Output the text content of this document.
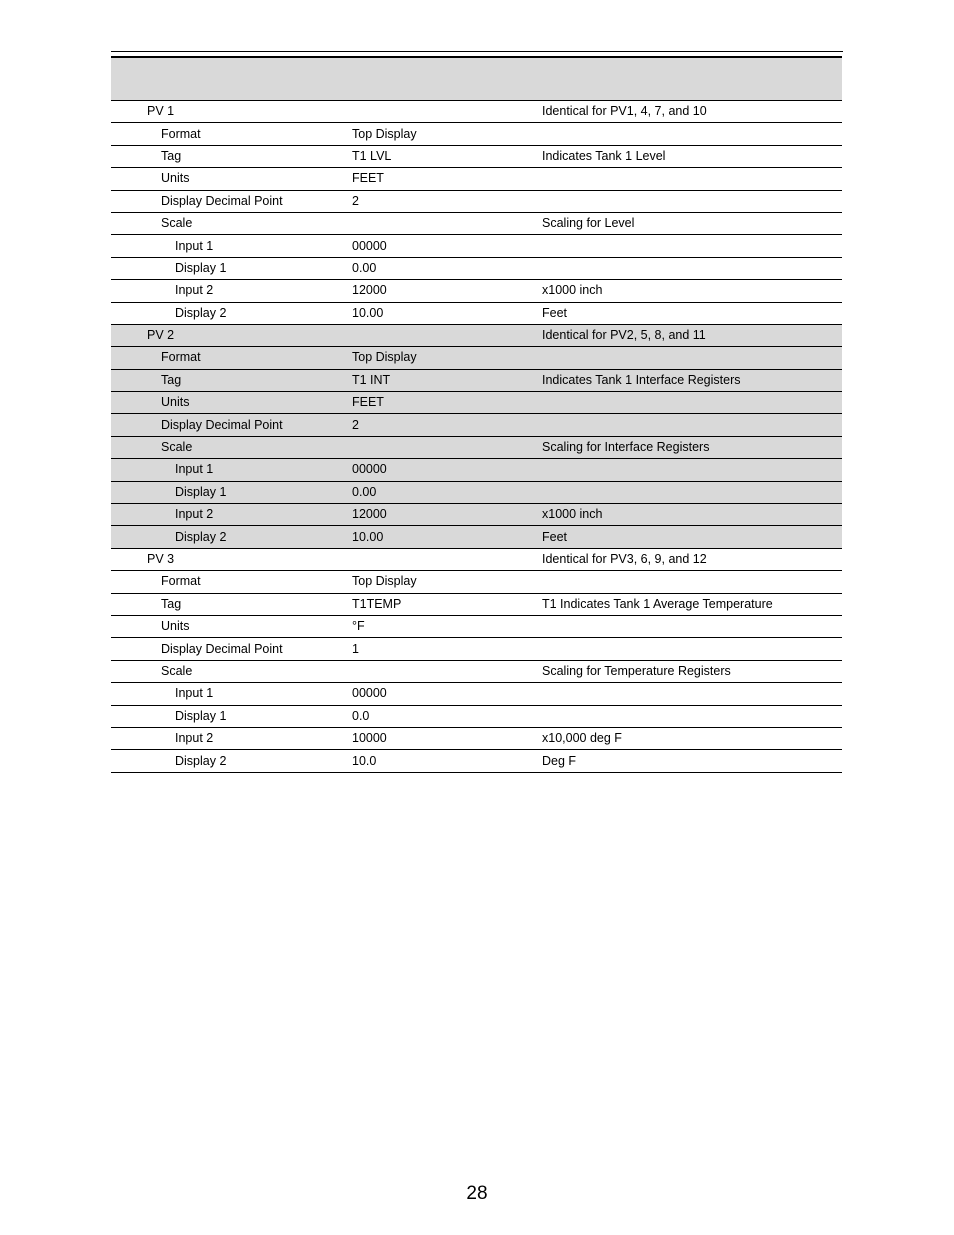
PV 1		Identical for PV1, 4, 7, and 10
Format	Top Display	
Tag	T1 LVL	Indicates Tank 1 Level
Units	FEET	
Display Decimal Point	2	
Scale		Scaling for Level
Input 1	00000	
Display 1	0.00	
Input 2	12000	x1000 inch
Display 2	10.00	Feet
PV 2		Identical for PV2, 5, 8, and 11
Format	Top Display	
Tag	T1 INT	Indicates Tank 1 Interface Registers
Units	FEET	
Display Decimal Point	2	
Scale		Scaling for Interface Registers
Input 1	00000	
Display 1	0.00	
Input 2	12000	x1000 inch
Display 2	10.00	Feet
PV 3		Identical for PV3, 6, 9, and 12
Format	Top Display	
Tag	T1TEMP	T1 Indicates Tank 1 Average Temperature
Units	°F	
Display Decimal Point	1	
Scale		Scaling for Temperature Registers
Input 1	00000	
Display 1	0.0	
Input 2	10000	x10,000 deg F
Display 2	10.0	Deg F
28
